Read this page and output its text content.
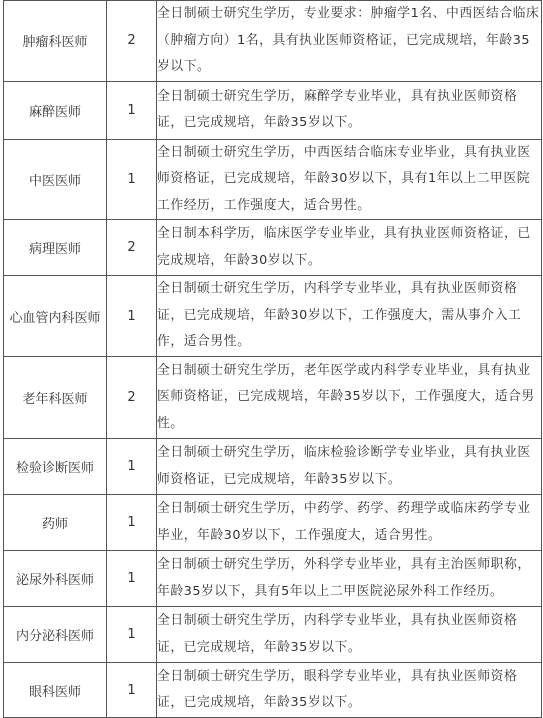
肿瘤科医师	2	全日制硕士研究生学历，专业要求：肿瘤学1名、中西医结合临床（肿瘤方向）1名，具有执业医师资格证，已完成规培，年龄35岁以下。
麻醉医师	1	全日制硕士研究生学历，麻醉学专业毕业，具有执业医师资格证，已完成规培，年龄35岁以下。
中医医师	1	全日制硕士研究生学历，中西医结合临床专业毕业，具有执业医师资格证，已完成规培，年龄30岁以下，具有1年以上二甲医院工作经历，工作强度大，适合男性。
病理医师	2	全日制本科学历，临床医学专业毕业，具有执业医师资格证，已完成规培，年龄30岁以下。
心血管内科医师	1	全日制硕士研究生学历，内科学专业毕业，具有执业医师资格证，已完成规培，年龄30岁以下，工作强度大，需从事介入工作，适合男性。
老年科医师	2	全日制硕士研究生学历，老年医学或内科学专业毕业，具有执业医师资格证，已完成规培，年龄35岁以下，工作强度大，适合男性。
检验诊断医师	1	全日制硕士研究生学历，临床检验诊断学专业毕业，具有执业医师资格证，已完成规培，年龄35岁以下。
药师	1	全日制硕士研究生学历，中药学、药学、药理学或临床药学专业毕业，年龄30岁以下，工作强度大，适合男性。
泌尿外科医师	1	全日制硕士研究生学历，外科学专业毕业，具有主治医师职称，年龄35岁以下，具有5年以上二甲医院泌尿外科工作经历。
内分泌科医师	1	全日制硕士研究生学历，内科学专业毕业，具有执业医师资格证，已完成规培，年龄35岁以下。
眼科医师	1	全日制硕士研究生学历，眼科学专业毕业，具有执业医师资格证，已完成规培，年龄35岁以下。
